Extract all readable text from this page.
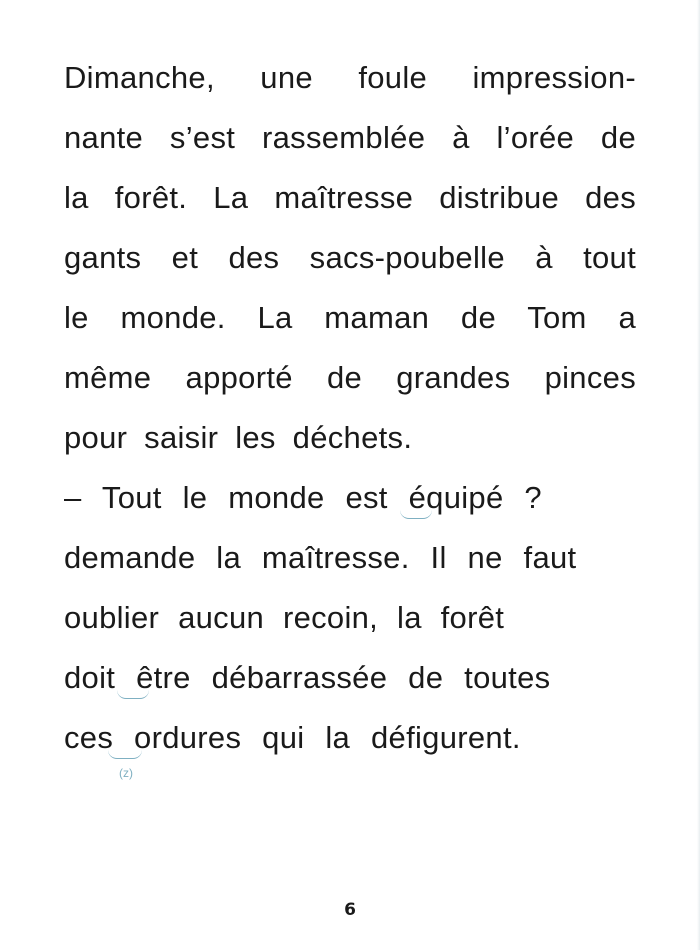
Dimanche, une foule impression-
nante s’est rassemblée à l’orée de
la forêt. La maîtresse distribue des
gants et des sacs-poubelle à tout
le monde. La maman de Tom a
même apporté de grandes pinces
pour saisir les déchets.
– Tout le monde est équipé ?
demande la maîtresse. Il ne faut
oublier aucun recoin, la forêt
doit être débarrassée de toutes
ces ordures qui la défigurent.
(z)
6
